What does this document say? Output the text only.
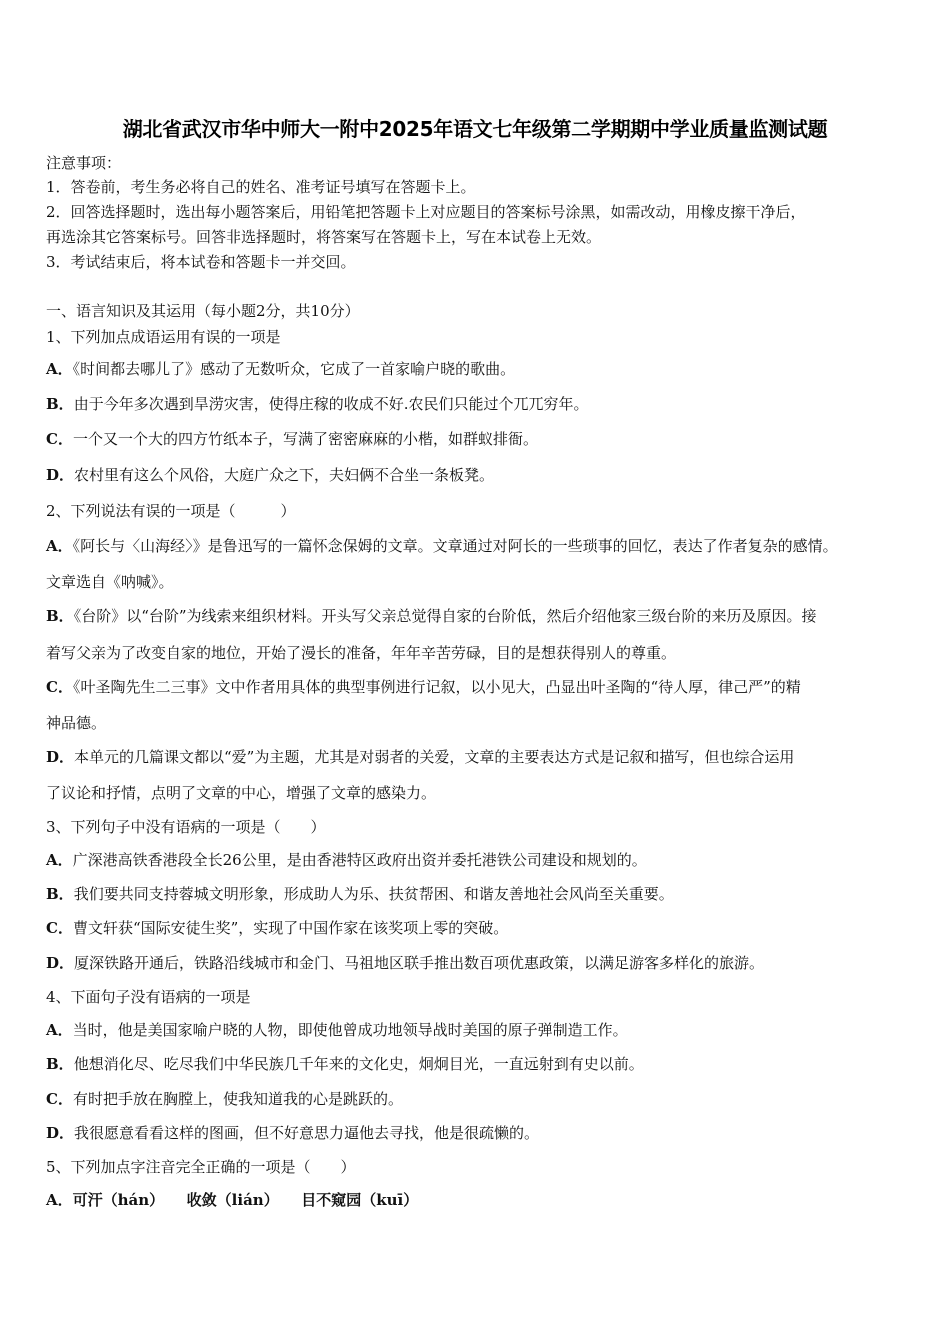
湖北省武汉市华中师大一附中2025年语文七年级第二学期期中学业质量监测试题
注意事项：
1．答卷前，考生务必将自己的姓名、准考证号填写在答题卡上。
2．回答选择题时，选出每小题答案后，用铅笔把答题卡上对应题目的答案标号涂黑，如需改动，用橡皮擦干净后，
再选涂其它答案标号。回答非选择题时，将答案写在答题卡上，写在本试卷上无效。
3．考试结束后，将本试卷和答题卡一并交回。
一、语言知识及其运用（每小题2分，共10分）
1、下列加点成语运用有误的一项是
A．《时间都去哪儿了》感动了无数听众，它成了一首家喻户晓的歌曲。
B．由于今年多次遇到旱涝灾害，使得庄稼的收成不好.农民们只能过个兀兀穷年。
C．一个又一个大的四方竹纸本子，写满了密密麻麻的小楷，如群蚁排衙。
D．农村里有这么个风俗，大庭广众之下，夫妇俩不合坐一条板凳。
2、下列说法有误的一项是（　　　）
A．《阿长与〈山海经〉》是鲁迅写的一篇怀念保姆的文章。文章通过对阿长的一些琐事的回忆，表达了作者复杂的感情。
文章选自《呐喊》。
B．《台阶》以“台阶”为线索来组织材料。开头写父亲总觉得自家的台阶低，然后介绍他家三级台阶的来历及原因。接
着写父亲为了改变自家的地位，开始了漫长的准备，年年辛苦劳碌，目的是想获得别人的尊重。
C．《叶圣陶先生二三事》文中作者用具体的典型事例进行记叙，以小见大，凸显出叶圣陶的“待人厚，律己严”的精
神品德。
D．本单元的几篇课文都以“爱”为主题，尤其是对弱者的关爱，文章的主要表达方式是记叙和描写，但也综合运用
了议论和抒情，点明了文章的中心，增强了文章的感染力。
3、下列句子中没有语病的一项是（　　）
A．广深港高铁香港段全长26公里，是由香港特区政府出资并委托港铁公司建设和规划的。
B．我们要共同支持蓉城文明形象，形成助人为乐、扶贫帮困、和谐友善地社会风尚至关重要。
C．曹文轩获“国际安徒生奖”，实现了中国作家在该奖项上零的突破。
D．厦深铁路开通后，铁路沿线城市和金门、马祖地区联手推出数百项优惠政策，以满足游客多样化的旅游。
4、下面句子没有语病的一项是
A．当时，他是美国家喻户晓的人物，即使他曾成功地领导战时美国的原子弹制造工作。
B．他想消化尽、吃尽我们中华民族几千年来的文化史，炯炯目光，一直远射到有史以前。
C．有时把手放在胸膛上，使我知道我的心是跳跃的。
D．我很愿意看看这样的图画，但不好意思力逼他去寻找，他是很疏懒的。
5、下列加点字注音完全正确的一项是（　　）
A．可汗（hán）　　收敛（lián）　　目不窥园（kuī）
